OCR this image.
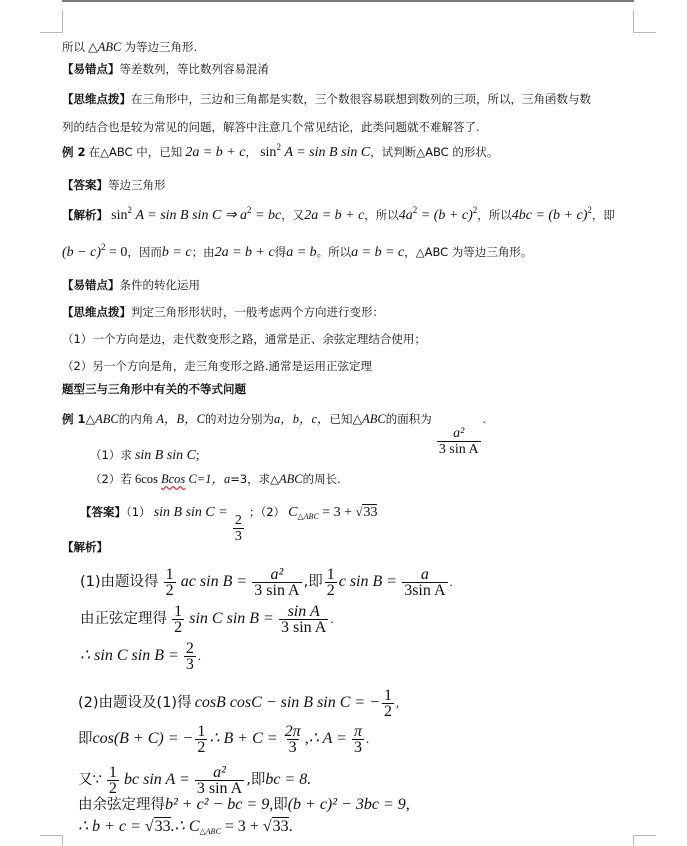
所以 △ABC 为等边三角形.
【易错点】等差数列，等比数列容易混淆
【思维点拨】在三角形中，三边和三角都是实数，三个数很容易联想到数列的三项，所以，三角函数与数
列的结合也是较为常见的问题，解答中注意几个常见结论，此类问题就不难解答了.
例 2 在△ABC 中，已知 2a = b + c， $\sin^2 A = \sin B$ sin C，试判断△ABC 的形状。
【答案】等边三角形
【解析】 $\sin^2 A = \sin B$ sin C ⇒ $a^2$ = bc，又2a = b + c，所以$4a^2 = (b + c)^2$，所以$4bc = (b + c)^2$，即
$(b - c)^2 = 0$，因而b = c；由2a = b + c得a = b。所以a = b = c，△ABC 为等边三角形。
【易错点】条件的转化运用
【思维点拨】判定三角形形状时，一般考虑两个方向进行变形：
（1）一个方向是边，走代数变形之路，通常是正、余弦定理结合使用；
（2）另一个方向是角，走三角变形之路.通常是运用正弦定理
题型三与三角形中有关的不等式问题
例 1△ABC的内角 A，B，C的对边分别为a，b，c，已知△ABC的面积为
$\frac{\text{a²}}{\text{3 sin A}}$
.
（1）求 sin B sin C;
（2）若 6cos Bcos C=1，a=3，求△ABC的周长.
【答案】（1） sin B sin C =
$\frac{2}{3}$
；（2） $C_{\triangle ABC} = 3 + √33$
【解析】
(1)由题设得 $\frac{1}{2}$ ac $\sin B = \frac{\text{a²}}{\text{3 sin A}}$ ,即 $\frac{1}{2}$ c $\sin B = \frac{a}{\text{3sin A}}$ .
由正弦定理得 $\frac{1}{2}$ sin C $\sin B = \frac{\text{sin A}}{\text{3 sin A}}$ .
∴ sin C $\sin B = \frac{2}{3}$ .
(2)由题设及(1)得 cosB cosC − sin B sin C = − $\frac{1}{2}$ ,
即cos(B + C) = − $\frac{1}{2}$ ∴ $B + C = \frac{2\pi}{3}$ ,∴ $A = \frac{\pi}{3}$ .
又∵ $\frac{1}{2}$ bc $\sin A = \frac{\text{a²}}{\text{3 sin A}}$ ,即bc = 8.
由余弦定理得b² + c² − bc = 9,即(b + c)² − 3bc = 9,
∴ b + c = √33.∴ $C_{\triangle ABC} = 3 + √33$.
